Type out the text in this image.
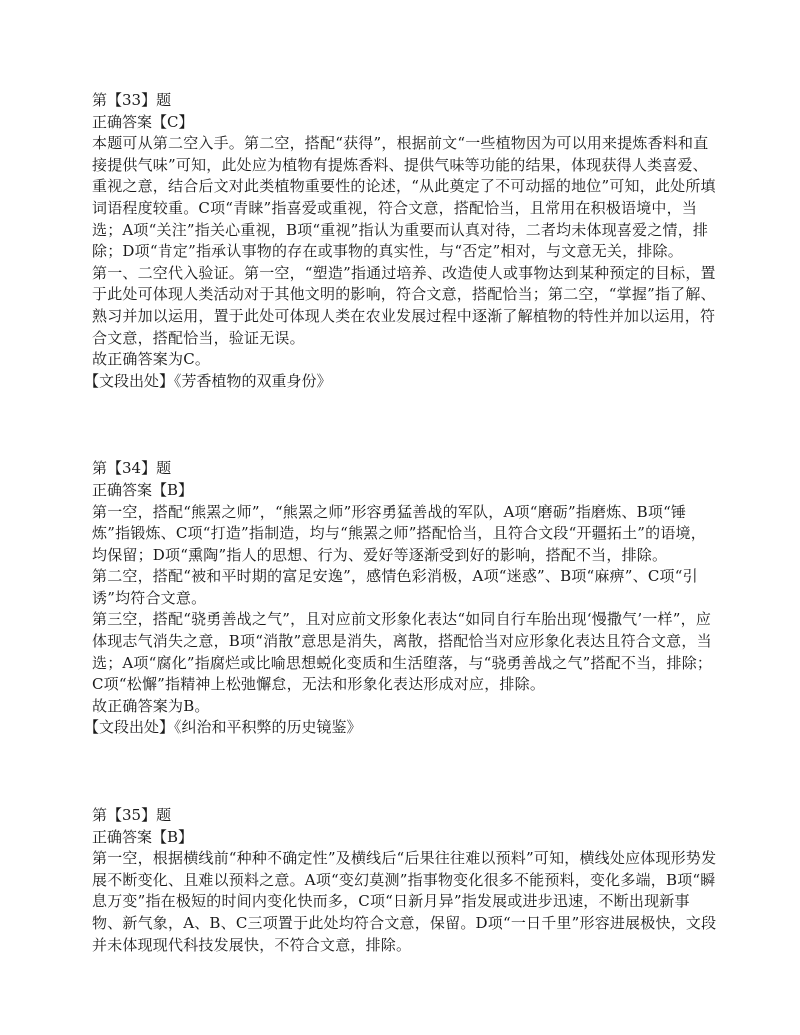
第【33】题

正确答案【C】

本题可从第二空入手。第二空，搭配“获得”，根据前文“一些植物因为可以用来提炼香料和直接提供气味”可知，此处应为植物有提炼香料、提供气味等功能的结果，体现获得人类喜爱、重视之意，结合后文对此类植物重要性的论述，“从此奠定了不可动摇的地位”可知，此处所填词语程度较重。C项“青睐”指喜爱或重视，符合文意，搭配恰当，且常用在积极语境中，当选；A项“关注”指关心重视，B项“重视”指认为重要而认真对待，二者均未体现喜爱之情，排除；D项“肯定”指承认事物的存在或事物的真实性，与“否定”相对，与文意无关，排除。

第一、二空代入验证。第一空，“塑造”指通过培养、改造使人或事物达到某种预定的目标，置于此处可体现人类活动对于其他文明的影响，符合文意，搭配恰当；第二空，“掌握”指了解、熟习并加以运用，置于此处可体现人类在农业发展过程中逐渐了解植物的特性并加以运用，符合文意，搭配恰当，验证无误。

故正确答案为C。

【文段出处】《芳香植物的双重身份》

第【34】题

正确答案【B】

第一空，搭配“熊罴之师”，“熊罴之师”形容勇猛善战的军队，A项“磨砺”指磨炼、B项“锤炼”指锻炼、C项“打造”指制造，均与“熊罴之师”搭配恰当，且符合文段“开疆拓土”的语境，均保留；D项“熏陶”指人的思想、行为、爱好等逐渐受到好的影响，搭配不当，排除。

第二空，搭配“被和平时期的富足安逸”，感情色彩消极，A项“迷惑”、B项“麻痹”、C项“引诱”均符合文意。

第三空，搭配“骁勇善战之气”，且对应前文形象化表达“如同自行车胎出现‘慢撒气’一样”，应体现志气消失之意，B项“消散”意思是消失，离散，搭配恰当对应形象化表达且符合文意，当选；A项“腐化”指腐烂或比喻思想蜕化变质和生活堕落，与“骁勇善战之气”搭配不当，排除；C项“松懈”指精神上松弛懈怠，无法和形象化表达形成对应，排除。

故正确答案为B。

【文段出处】《纠治和平积弊的历史镜鉴》

第【35】题

正确答案【B】

第一空，根据横线前“种种不确定性”及横线后“后果往往难以预料”可知，横线处应体现形势发展不断变化、且难以预料之意。A项“变幻莫测”指事物变化很多不能预料，变化多端，B项“瞬息万变”指在极短的时间内变化快而多，C项“日新月异”指发展或进步迅速，不断出现新事物、新气象，A、B、C三项置于此处均符合文意，保留。D项“一日千里”形容进展极快，文段并未体现现代科技发展快，不符合文意，排除。
